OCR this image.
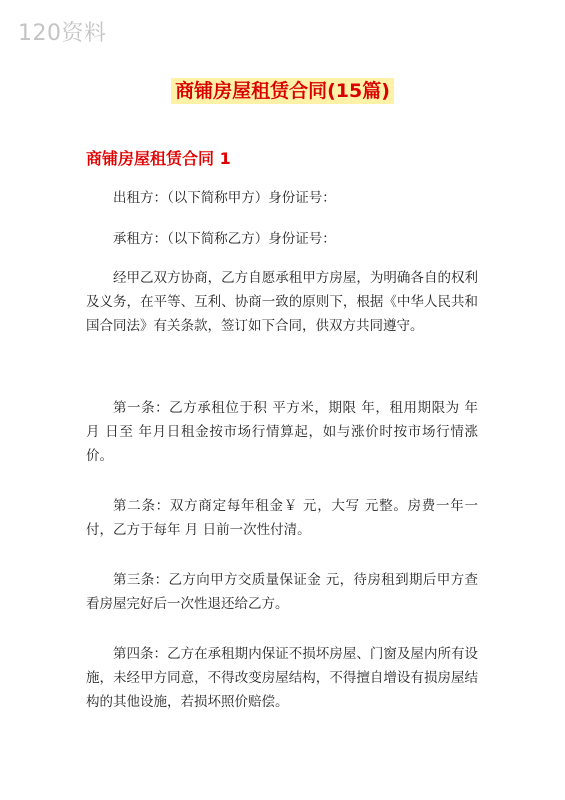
120资料
商铺房屋租赁合同(15篇)
商铺房屋租赁合同 1

出租方：（以下简称甲方）身份证号：

承租方：（以下简称乙方）身份证号：

经甲乙双方协商，乙方自愿承租甲方房屋，为明确各自的权利及义务，在平等、互利、协商一致的原则下，根据《中华人民共和国合同法》有关条款，签订如下合同，供双方共同遵守。

第一条：乙方承租位于积 平方米，期限 年，租用期限为 年 月 日至 年月日租金按市场行情算起，如与涨价时按市场行情涨价。

第二条：双方商定每年租金￥ 元，大写 元整。房费一年一付，乙方于每年 月 日前一次性付清。

第三条：乙方向甲方交质量保证金 元，待房租到期后甲方查看房屋完好后一次性退还给乙方。

第四条：乙方在承租期内保证不损坏房屋、门窗及屋内所有设施，未经甲方同意，不得改变房屋结构，不得擅自增设有损房屋结构的其他设施，若损坏照价赔偿。
